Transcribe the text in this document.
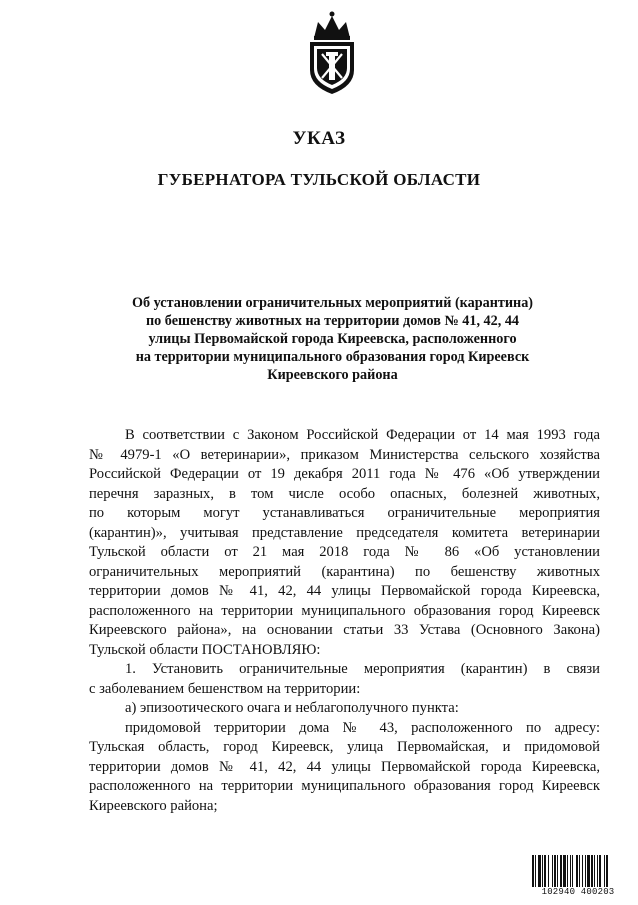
УКАЗ
ГУБЕРНАТОРА ТУЛЬСКОЙ ОБЛАСТИ
Об установлении ограничительных мероприятий (карантина)
по бешенству животных на территории домов № 41, 42, 44
улицы Первомайской города Киреевска, расположенного
на территории муниципального образования город Киреевск
Киреевского района
В соответствии с Законом Российской Федерации от 14 мая 1993 года
№ 4979-1 «О ветеринарии», приказом Министерства сельского хозяйства
Российской Федерации от 19 декабря 2011 года № 476 «Об утверждении
перечня заразных, в том числе особо опасных, болезней животных,
по которым могут устанавливаться ограничительные мероприятия
(карантин)», учитывая представление председателя комитета ветеринарии
Тульской области от 21 мая 2018 года № 86 «Об установлении
ограничительных мероприятий (карантина) по бешенству животных
территории домов № 41, 42, 44 улицы Первомайской города Киреевска,
расположенного на территории муниципального образования город Киреевск
Киреевского района», на основании статьи 33 Устава (Основного Закона)
Тульской области ПОСТАНОВЛЯЮ:
1. Установить ограничительные мероприятия (карантин) в связи
с заболеванием бешенством на территории:
а) эпизоотического очага и неблагополучного пункта:
придомовой территории дома № 43, расположенного по адресу:
Тульская область, город Киреевск, улица Первомайская, и придомовой
территории домов № 41, 42, 44 улицы Первомайской города Киреевска,
расположенного на территории муниципального образования город Киреевск
Киреевского района;
102940 400203
